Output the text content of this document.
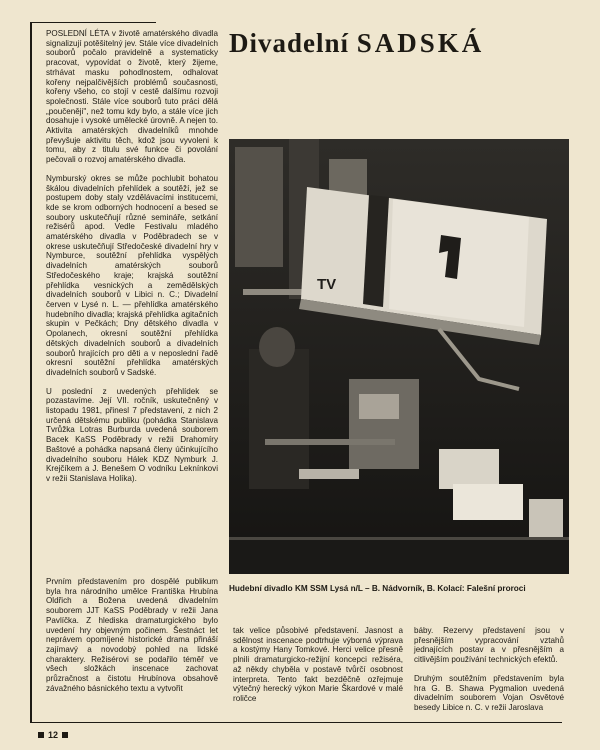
POSLEDNÍ LÉTA v životě amatérského divadla signalizují potěšitelný jev. Stále více divadelních souborů počalo pravidelně a systematicky pracovat, vypovídat o životě, který žijeme, strhávat masku pohodlnostem, odhalovat kořeny nejpalčivějších problémů současnosti, kořeny všeho, co stojí v cestě dalšímu rozvoji společnosti. Stále více souborů tuto práci dělá „poučeněji", než tomu kdy bylo, a stále více jich dosahuje i vysoké umělecké úrovně. A nejen to. Aktivita amatérských divadelníků mnohde převyšuje aktivitu těch, kdož jsou vyvoleni k tomu, aby z titulu své funkce či povolání pečovali o rozvoj amatérského divadla.

Nymburský okres se může pochlubit bohatou škálou divadelních přehlídek a soutěží, jež se postupem doby staly vzdělávacími institucemi, kde se krom odborných hodnocení a besed se soubory uskutečňují různé semináře, setkání režisérů apod. Vedle Festivalu mladého amatérského divadla v Poděbradech se v okrese uskutečňují Středočeské divadelní hry v Nymburce, soutěžní přehlídka vyspělých divadelních amatérských souborů Středočeského kraje; krajská soutěžní přehlídka vesnických a zemědělských divadelních souborů v Libici n. C.; Divadelní červen v Lysé n. L. — přehlídka amatérského hudebního divadla; krajská přehlídka agitačních skupin v Pečkách; Dny dětského divadla v Opolanech, okresní soutěžní přehlídka dětských divadelních souborů a divadelních souborů hrajících pro děti a v neposlední řadě okresní soutěžní přehlídka amatérských divadelních souborů v Sadské.

U poslední z uvedených přehlídek se pozastavíme. Její VII. ročník, uskutečněný v listopadu 1981, přinesl 7 představení, z nich 2 určená dětskému publiku (pohádka Stanislava Tvrůžka Lotras Burburda uvedená souborem Bacek KaSS Poděbrady v režii Drahomíry Baštové a pohádka napsaná členy účinkujícího divadelního souboru Hálek KDZ Nymburk J. Krejčíkem a J. Benešem O vodníku Leknínkovi v režii Stanislava Holíka).

Prvním představením pro dospělé publikum byla hra národního umělce Františka Hrubína Oldřich a Božena uvedená divadelním souborem JJT KaSS Poděbrady v režii Jana Pavlíčka. Z hlediska dramaturgického bylo uvedení hry objevným počinem. Šestnáct let neprávem opomíjené historické drama přináší zajímavý a novodobý pohled na lidské charaktery. Režisérovi se podařilo téměř ve všech složkách inscenace zachovat průzračnost a čistotu Hrubínova obsahově závažného básnického textu a vytvořit

Divadelní SADSKÁ
TV
Hudební divadlo KM SSM Lysá n/L – B. Nádvorník, B. Kolací: Falešní proroci

tak velice působivé představení. Jasnost a sdělnost inscenace podtrhuje výborná výprava a kostýmy Hany Tomkové. Herci velice přesně plnili dramaturgicko-režijní koncepci režiséra, až někdy chyběla v postavě tvůrčí osobnost interpreta. Tento fakt bezděčně ozřejmuje výtečný herecký výkon Marie Škardové v malé roličce

báby. Rezervy představení jsou v přesnějším vypracování vztahů jednajících postav a v přesnějším a citlivějším používání technických efektů.

Druhým soutěžním představením byla hra G. B. Shawa Pygmalion uvedená divadelním souborem Vojan Osvětové besedy Libice n. C. v režii Jaroslava

12
